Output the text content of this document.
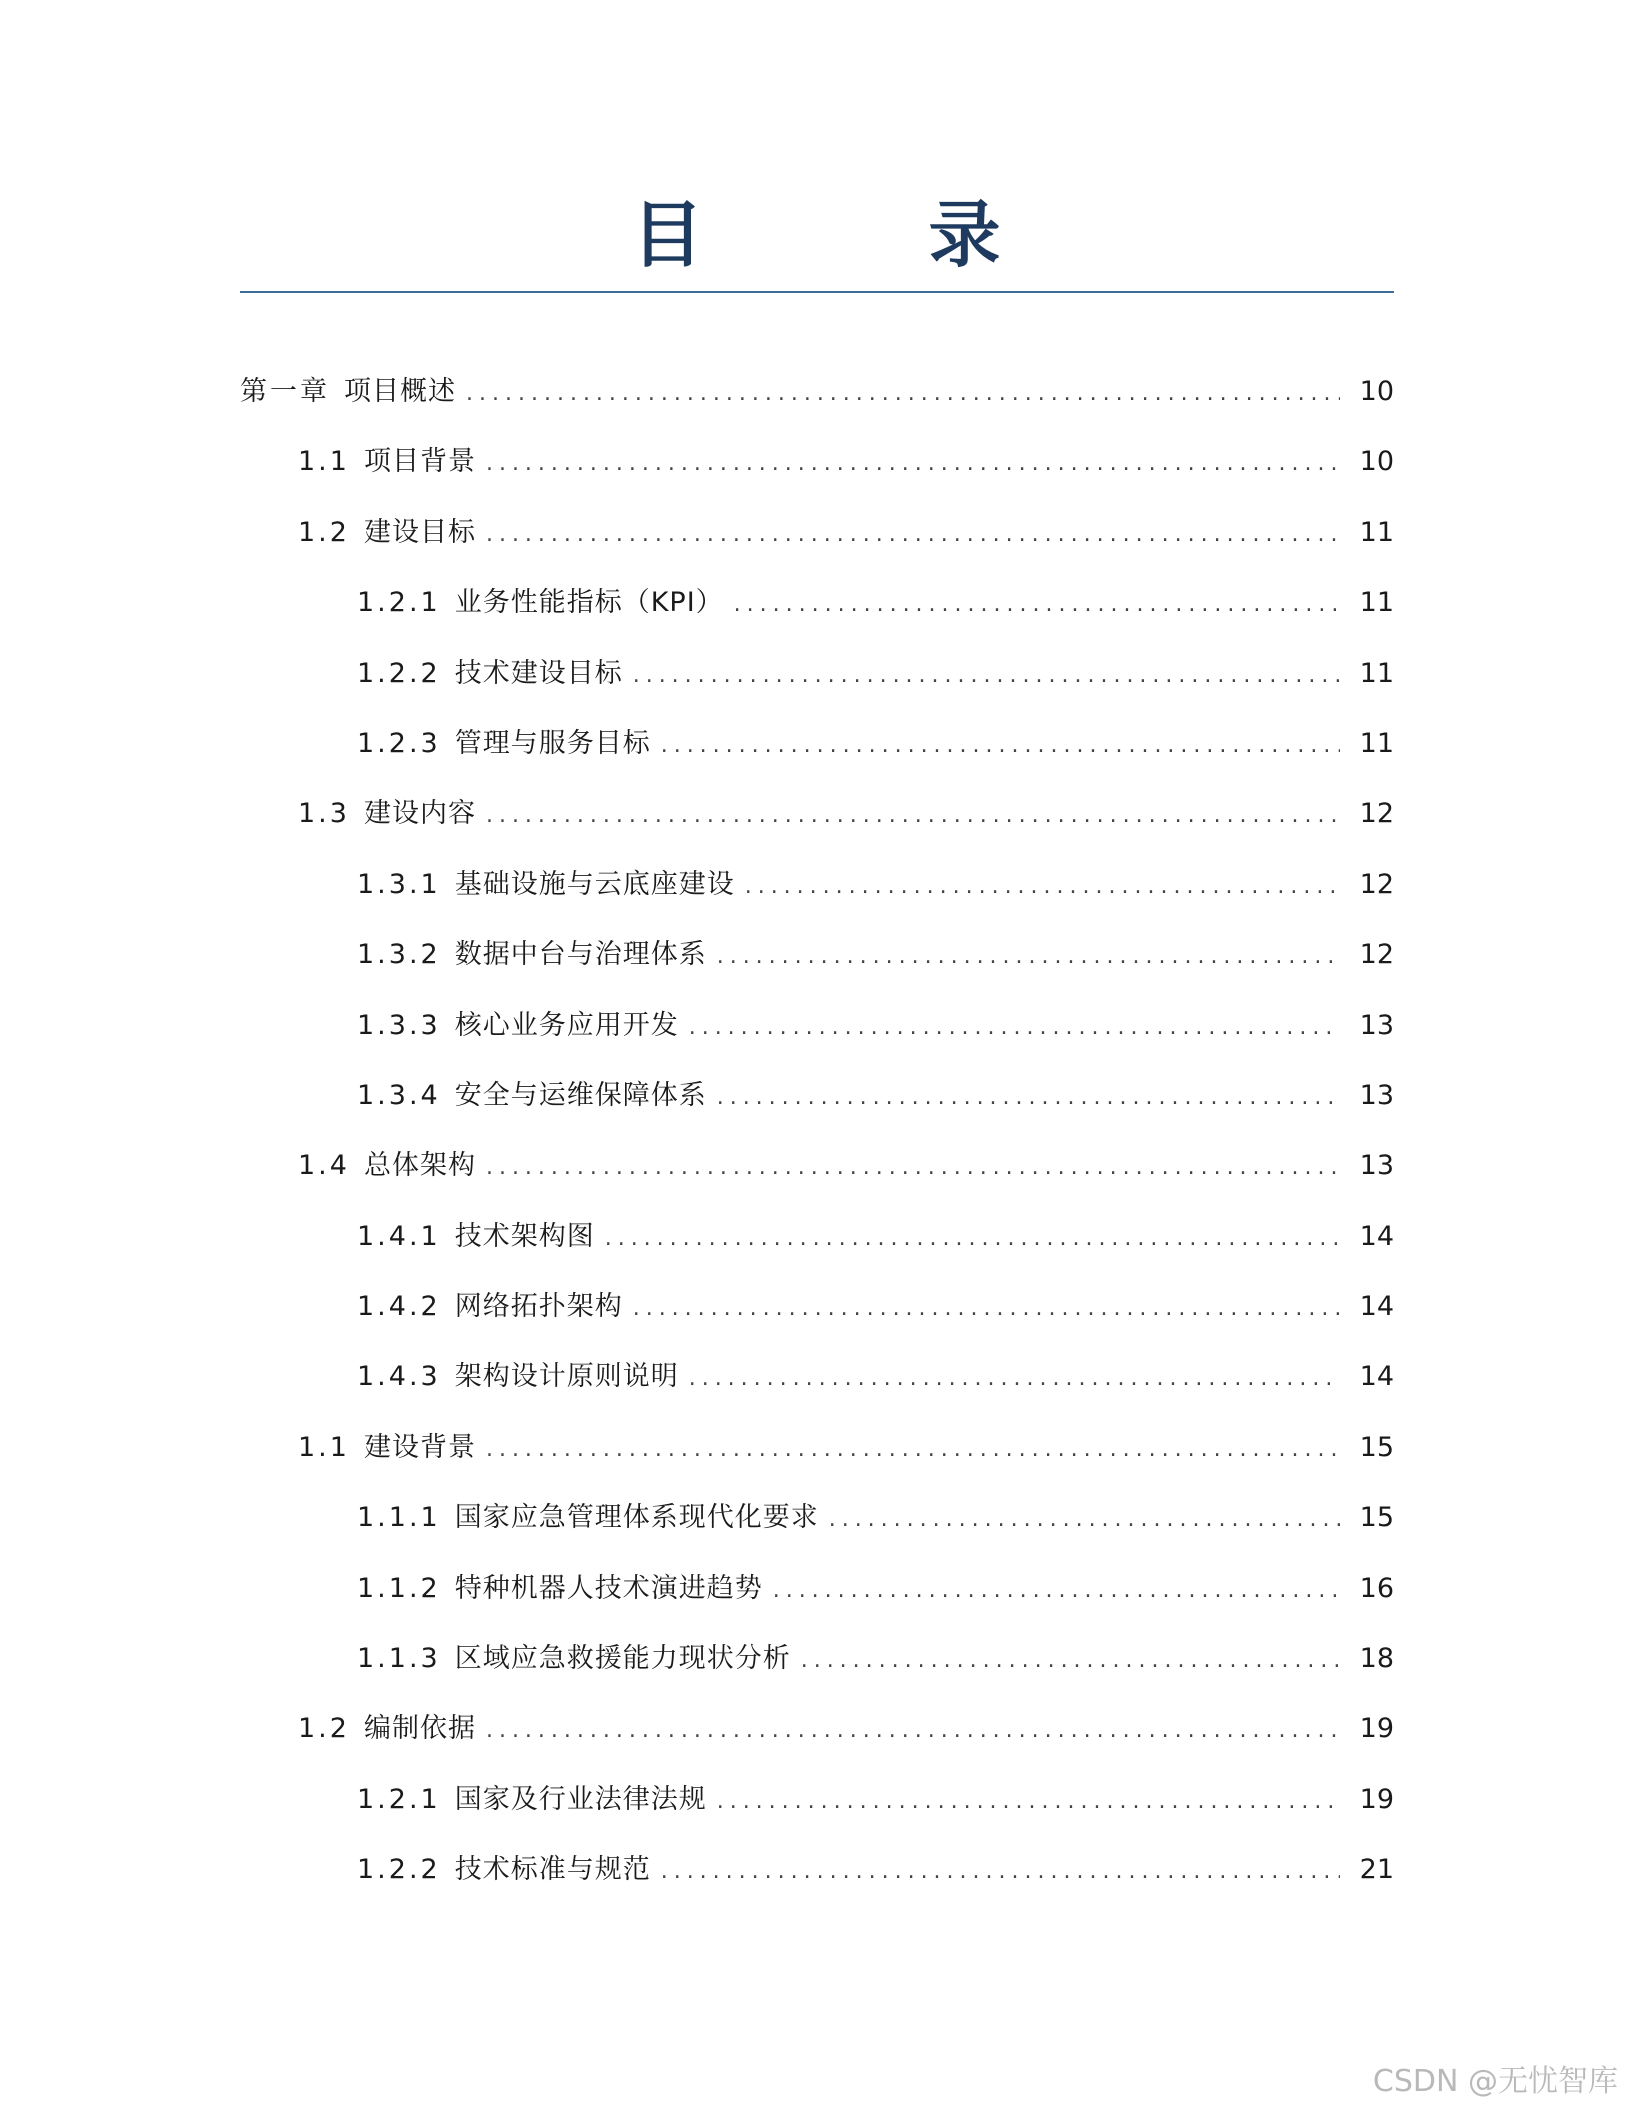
目 录
第一章 项目概述 .....	10
1.1 项目背景 .....	10
1.2 建设目标 .....	11
1.2.1 业务性能指标（KPI） .....	11
1.2.2 技术建设目标 .....	11
1.2.3 管理与服务目标 .....	11
1.3 建设内容 .....	12
1.3.1 基础设施与云底座建设 .....	12
1.3.2 数据中台与治理体系 .....	12
1.3.3 核心业务应用开发 .....	13
1.3.4 安全与运维保障体系 .....	13
1.4 总体架构 .....	13
1.4.1 技术架构图 .....	14
1.4.2 网络拓扑架构 .....	14
1.4.3 架构设计原则说明 .....	14
1.1 建设背景 .....	15
1.1.1 国家应急管理体系现代化要求 .....	15
1.1.2 特种机器人技术演进趋势 .....	16
1.1.3 区域应急救援能力现状分析 .....	18
1.2 编制依据 .....	19
1.2.1 国家及行业法律法规 .....	19
1.2.2 技术标准与规范 .....	21
CSDN @无忧智库
